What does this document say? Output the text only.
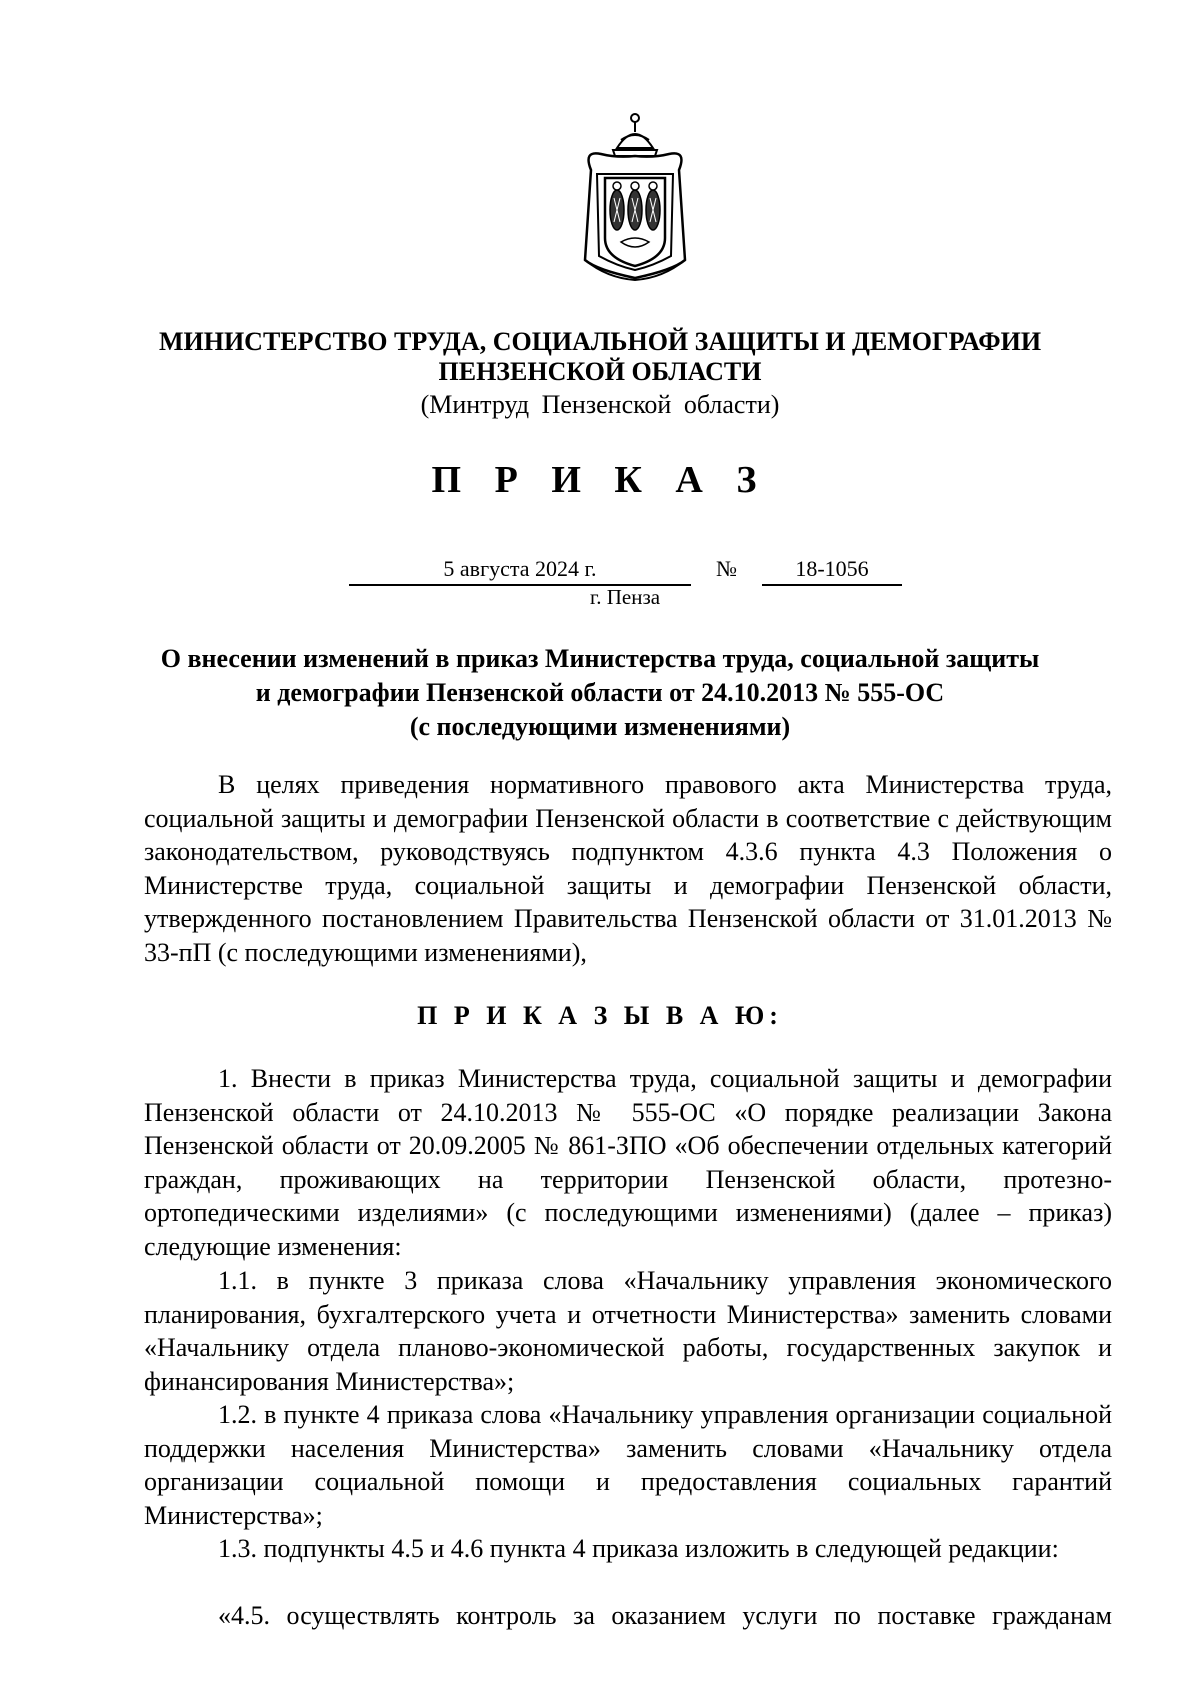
МИНИСТЕРСТВО ТРУДА, СОЦИАЛЬНОЙ ЗАЩИТЫ И ДЕМОГРАФИИ
ПЕНЗЕНСКОЙ ОБЛАСТИ
(Минтруд Пензенской области)
П Р И К А З
5 августа 2024 г.	№	18-1056
г. Пенза
О внесении изменений в приказ Министерства труда, социальной защиты
и демографии Пензенской области от 24.10.2013 № 555-ОС
(с последующими изменениями)
В целях приведения нормативного правового акта Министерства труда, социальной защиты и демографии Пензенской области в соответствие с действующим законодательством, руководствуясь подпунктом 4.3.6 пункта 4.3 Положения о Министерстве труда, социальной защиты и демографии Пензенской области, утвержденного постановлением Правительства Пензенской области от 31.01.2013 № 33-пП (с последующими изменениями),
П Р И К А З Ы В А Ю:
1. Внести в приказ Министерства труда, социальной защиты и демографии Пензенской области от 24.10.2013 № 555-ОС «О порядке реализации Закона Пензенской области от 20.09.2005 № 861-ЗПО «Об обеспечении отдельных категорий граждан, проживающих на территории Пензенской области, протезно-ортопедическими изделиями» (с последующими изменениями) (далее – приказ) следующие изменения:
1.1. в пункте 3 приказа слова «Начальнику управления экономического планирования, бухгалтерского учета и отчетности Министерства» заменить словами «Начальнику отдела планово-экономической работы, государственных закупок и финансирования Министерства»;
1.2. в пункте 4 приказа слова «Начальнику управления организации социальной поддержки населения Министерства» заменить словами «Начальнику отдела организации социальной помощи и предоставления социальных гарантий Министерства»;
1.3. подпункты 4.5 и 4.6 пункта 4 приказа изложить в следующей редакции:
«4.5. осуществлять контроль за оказанием услуги по поставке гражданам
